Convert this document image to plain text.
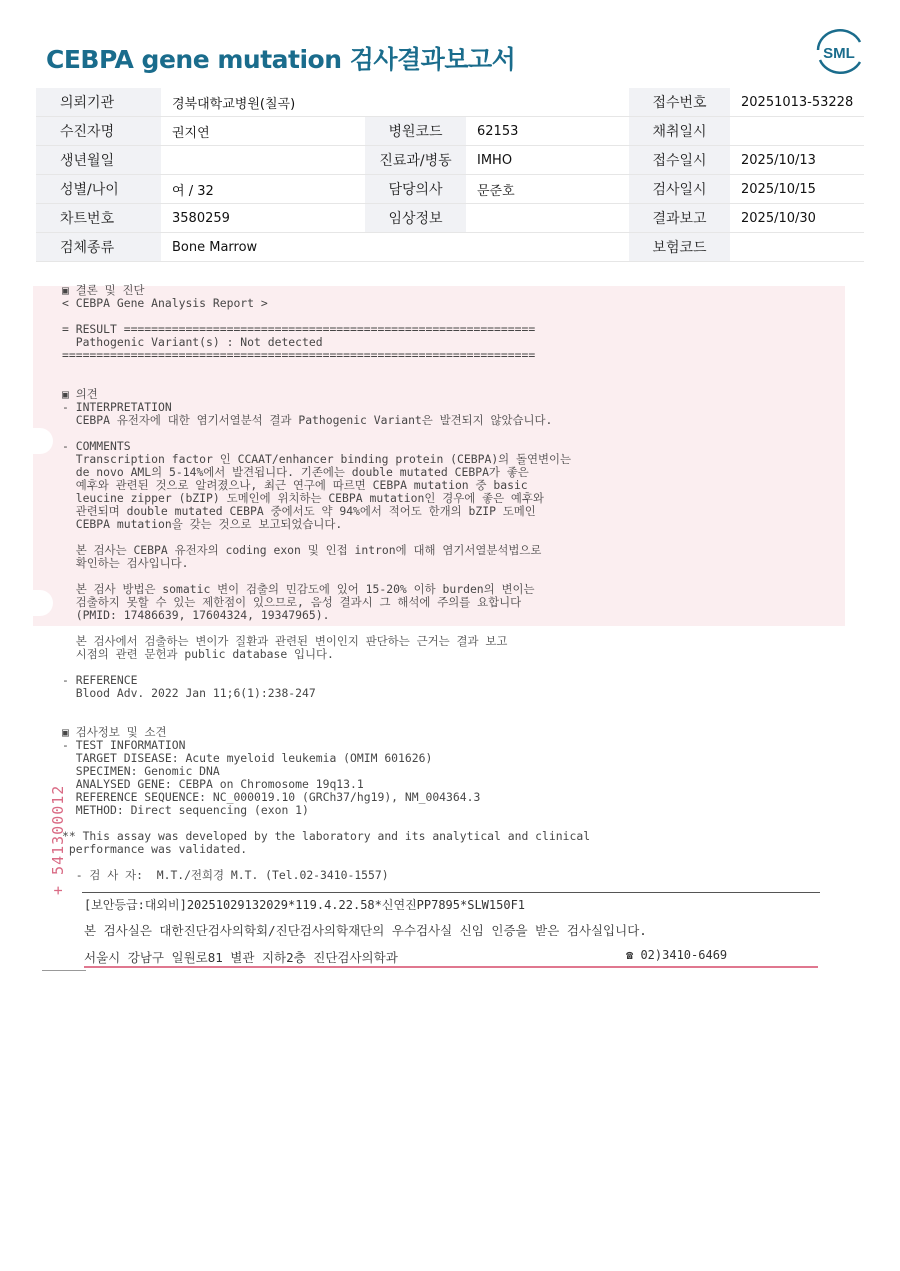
CEBPA gene mutation 검사결과보고서	SML
의뢰기관	경북대학교병원(칠곡)			접수번호	20251013-53228
수진자명	권지연	병원코드	62153	채취일시	
생년월일		진료과/병동	IMHO	접수일시	2025/10/13
성별/나이	여 / 32	담당의사	문준호	검사일시	2025/10/15
차트번호	3580259	임상정보		결과보고	2025/10/30
검체종류	Bone Marrow			보험코드	
▣ 결론 및 진단
< CEBPA Gene Analysis Report >

= RESULT ============================================================
Pathogenic Variant(s) : Not detected
=====================================================================

▣ 의견
- INTERPRETATION
CEBPA 유전자에 대한 염기서열분석 결과 Pathogenic Variant은 발견되지 않았습니다.

- COMMENTS
Transcription factor 인 CCAAT/enhancer binding protein (CEBPA)의 돌연변이는
de novo AML의 5-14%에서 발견됩니다. 기존에는 double mutated CEBPA가 좋은
예후와 관련된 것으로 알려졌으나, 최근 연구에 따르면 CEBPA mutation 중 basic
leucine zipper (bZIP) 도메인에 위치하는 CEBPA mutation인 경우에 좋은 예후와
관련되며 double mutated CEBPA 중에서도 약 94%에서 적어도 한개의 bZIP 도메인
CEBPA mutation을 갖는 것으로 보고되었습니다.

본 검사는 CEBPA 유전자의 coding exon 및 인접 intron에 대해 염기서열분석법으로
확인하는 검사입니다.

본 검사 방법은 somatic 변이 검출의 민감도에 있어 15-20% 이하 burden의 변이는
검출하지 못할 수 있는 제한점이 있으므로, 음성 결과시 그 해석에 주의를 요합니다
(PMID: 17486639, 17604324, 19347965).

본 검사에서 검출하는 변이가 질환과 관련된 변이인지 판단하는 근거는 결과 보고
시점의 관련 문헌과 public database 입니다.

- REFERENCE
Blood Adv. 2022 Jan 11;6(1):238-247

▣ 검사정보 및 소견
- TEST INFORMATION
TARGET DISEASE: Acute myeloid leukemia (OMIM 601626)
SPECIMEN: Genomic DNA
ANALYSED GENE: CEBPA on Chromosome 19q13.1
REFERENCE SEQUENCE: NC_000019.10 (GRCh37/hg19), NM_004364.3
METHOD: Direct sequencing (exon 1)

** This assay was developed by the laboratory and its analytical and clinical
performance was validated.

- 검 사 자:  M.T./전희경 M.T. (Tel.02-3410-1557)
+ 541300012

[보안등급:대외비]20251029132029*119.4.22.58*신연진PP7895*SLW150F1

본 검사실은 대한진단검사의학회/진단검사의학재단의 우수검사실 신임 인증을 받은 검사실입니다.

서울시 강남구 일원로81 별관 지하2층 진단검사의학과	☎ 02)3410-6469
